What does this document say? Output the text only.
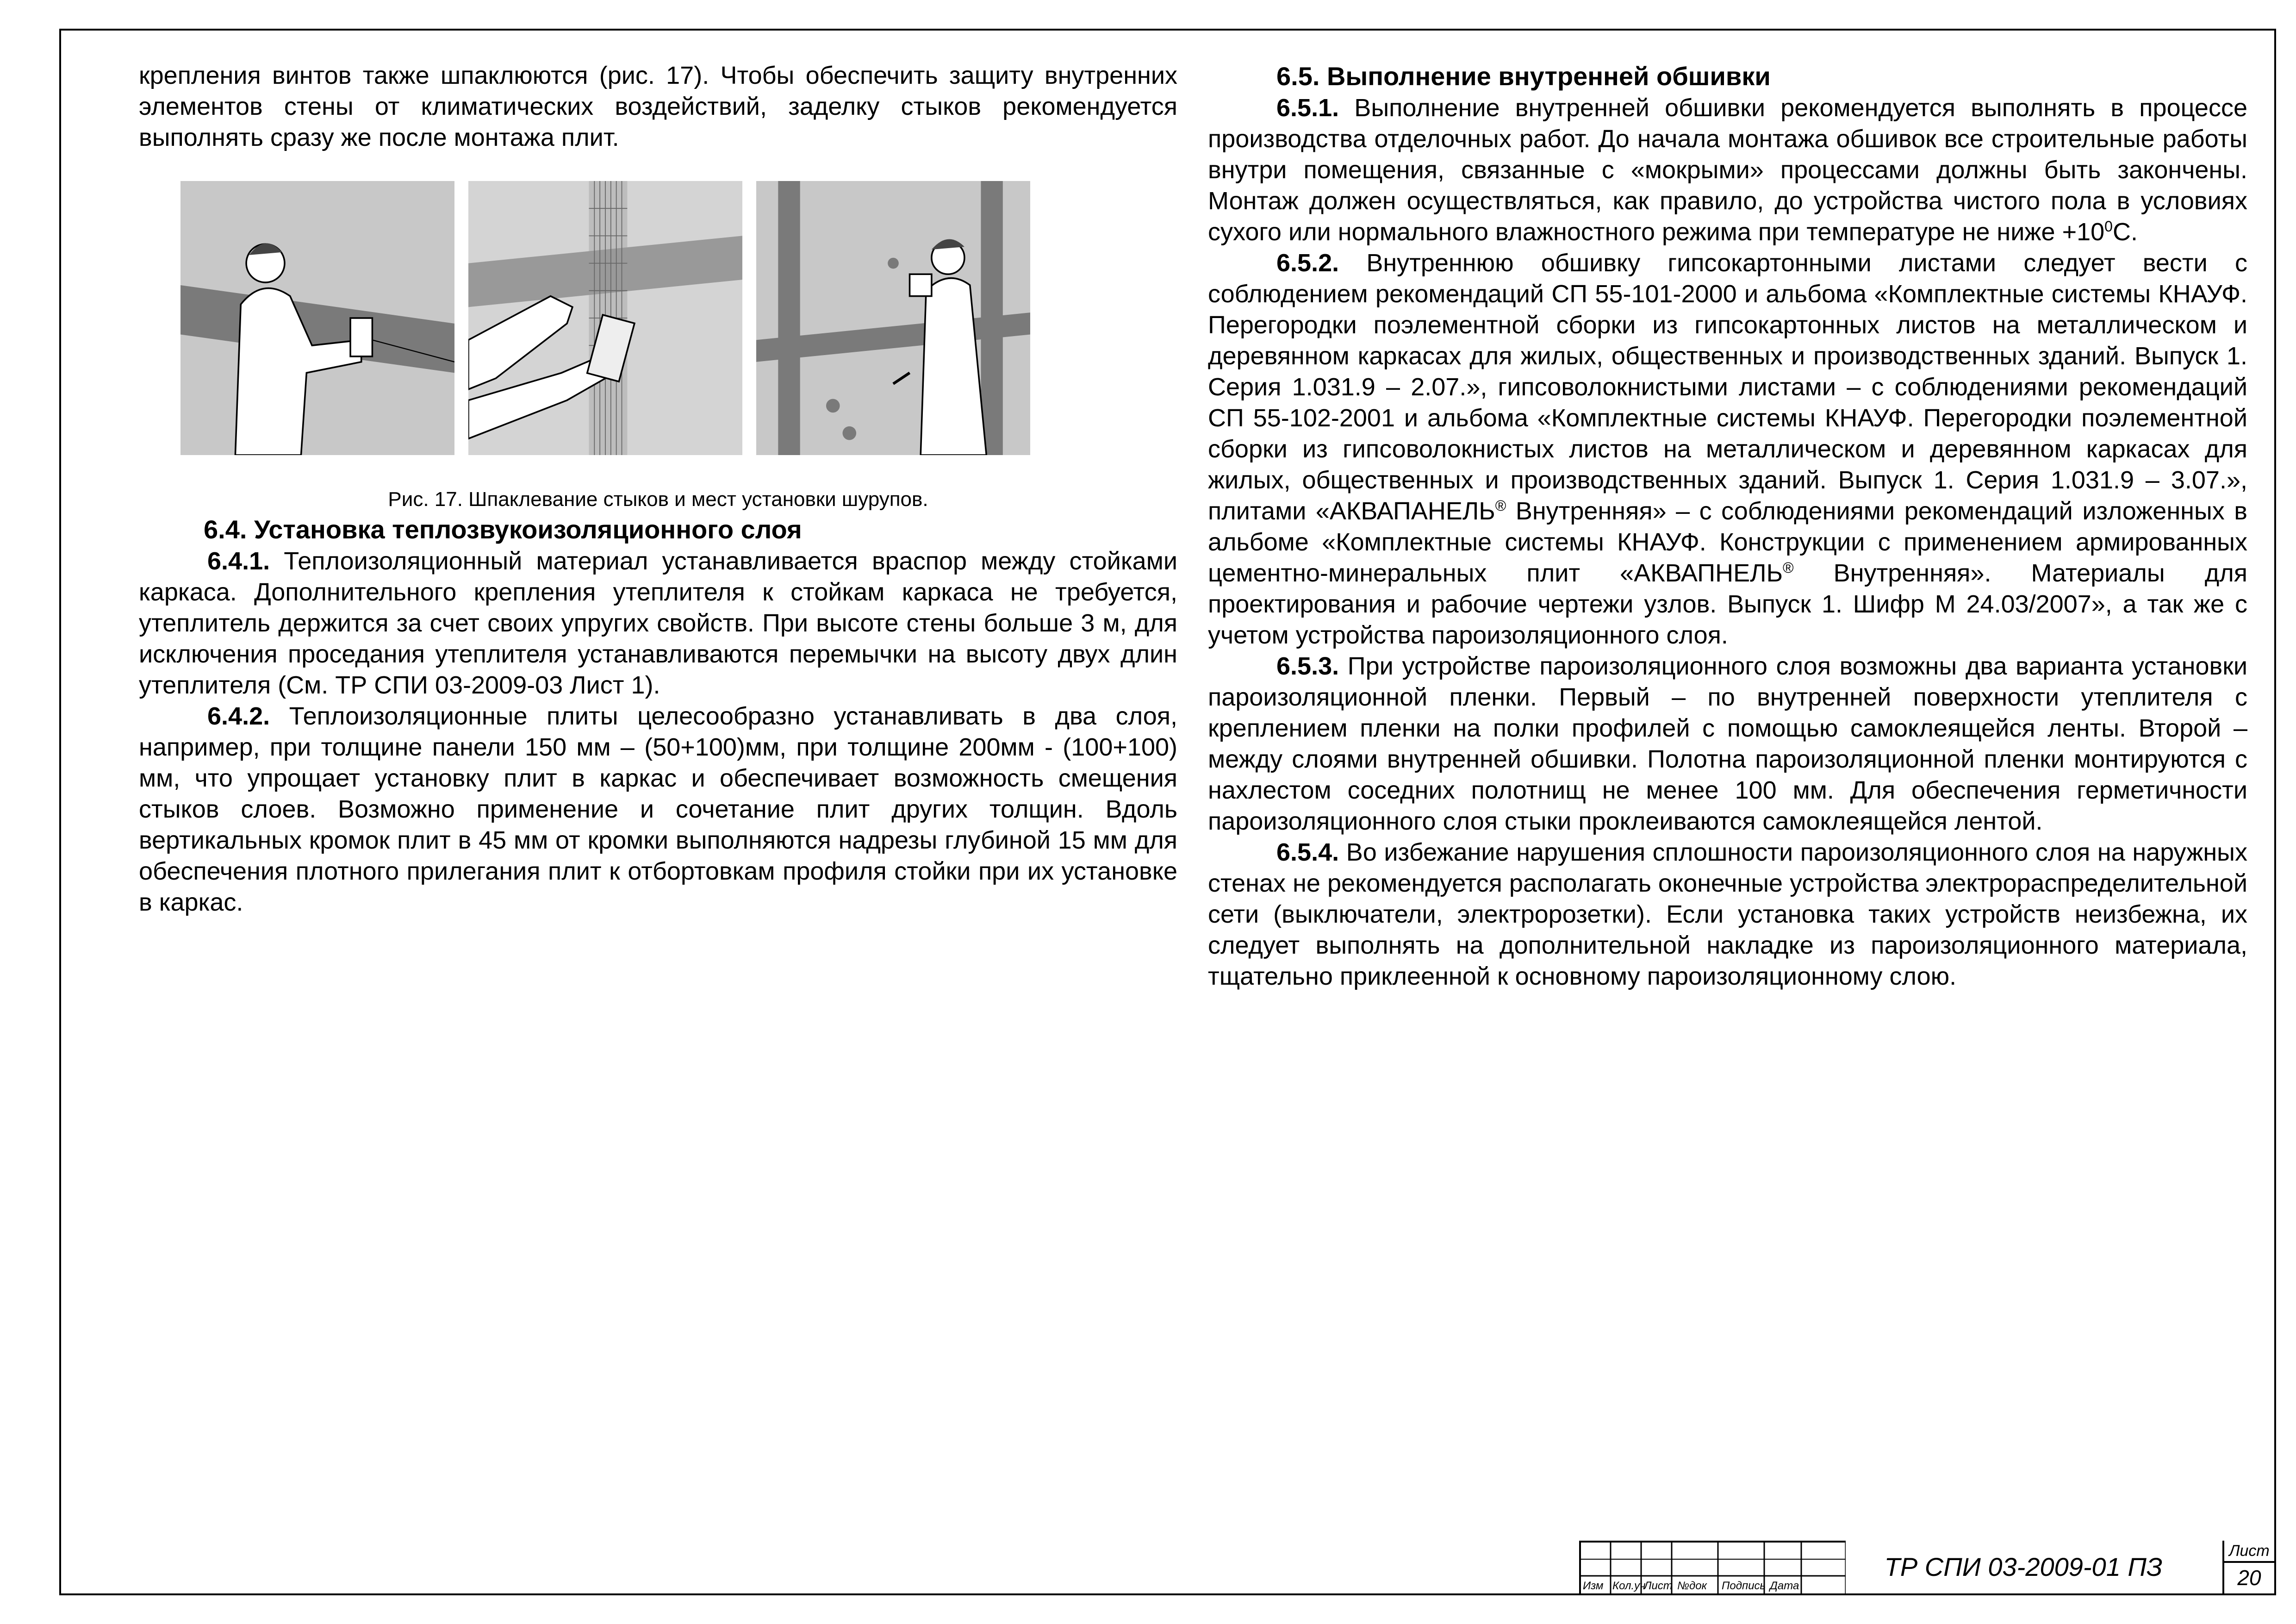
крепления винтов также шпаклюются (рис. 17). Чтобы обеспечить защиту внутренних элементов стены от климатических воздействий, заделку стыков рекомендуется выполнять сразу же после монтажа плит.

Рис. 17. Шпаклевание стыков и мест установки шурупов.

6.4. Установка теплозвукоизоляционного слоя

6.4.1. Теплоизоляционный материал устанавливается враспор между стойками каркаса. Дополнительного крепления утеплителя к стойкам каркаса не требуется, утеплитель держится за счет своих упругих свойств. При высоте стены больше 3 м, для исключения проседания утеплителя устанавливаются перемычки на высоту двух длин утеплителя (См. ТР СПИ 03-2009-03 Лист 1).

6.4.2. Теплоизоляционные плиты целесообразно устанавливать в два слоя, например, при толщине панели 150 мм – (50+100)мм, при толщине 200мм - (100+100) мм, что упрощает установку плит в каркас и обеспечивает возможность смещения стыков слоев. Возможно применение и сочетание плит других толщин. Вдоль вертикальных кромок плит в 45 мм от кромки выполняются надрезы глубиной 15 мм для обеспечения плотного прилегания плит к отбортовкам профиля стойки при их установке в каркас.

6.5. Выполнение внутренней обшивки

6.5.1. Выполнение внутренней обшивки рекомендуется выполнять в процессе производства отделочных работ. До начала монтажа обшивок все строительные работы внутри помещения, связанные с «мокрыми» процессами должны быть закончены. Монтаж должен осуществляться, как правило, до устройства чистого пола в условиях сухого или нормального влажностного режима при температуре не ниже $+10^0С$.

6.5.2. Внутреннюю обшивку гипсокартонными листами следует вести с соблюдением рекомендаций СП 55-101-2000 и альбома «Комплектные системы КНАУФ. Перегородки поэлементной сборки из гипсокартонных листов на металлическом и деревянном каркасах для жилых, общественных и производственных зданий. Выпуск 1. Серия 1.031.9 – 2.07.», гипсоволокнистыми листами – с соблюдениями рекомендаций СП 55-102-2001 и альбома «Комплектные системы КНАУФ. Перегородки поэлементной сборки из гипсоволокнистых листов на металлическом и деревянном каркасах для жилых, общественных и производственных зданий. Выпуск 1. Серия 1.031.9 – 3.07.», плитами «АКВАПАНЕЛЬ® Внутренняя» – с соблюдениями рекомендаций изложенных в альбоме «Комплектные системы КНАУФ. Конструкции с применением армированных цементно-минеральных плит «АКВАПНЕЛЬ® Внутренняя». Материалы для проектирования и рабочие чертежи узлов. Выпуск 1. Шифр М 24.03/2007», а так же с учетом устройства пароизоляционного слоя.

6.5.3. При устройстве пароизоляционного слоя возможны два варианта установки пароизоляционной пленки. Первый – по внутренней поверхности утеплителя с креплением пленки на полки профилей с помощью самоклеящейся ленты. Второй – между слоями внутренней обшивки. Полотна пароизоляционной пленки монтируются с нахлестом соседних полотнищ не менее 100 мм. Для обеспечения герметичности пароизоляционного слоя стыки проклеиваются самоклеящейся лентой.

6.5.4. Во избежание нарушения сплошности пароизоляционного слоя на наружных стенах не рекомендуется располагать оконечные устройства электрораспределительной сети (выключатели, электророзетки). Если установка таких устройств неизбежна, их следует выполнять на дополнительной накладке из пароизоляционного материала, тщательно приклеенной к основному пароизоляционному слою.

Изм Кол.уч
Лист №док Подпись Дата
ТР СПИ 03-2009-01 ПЗ
Лист
20
